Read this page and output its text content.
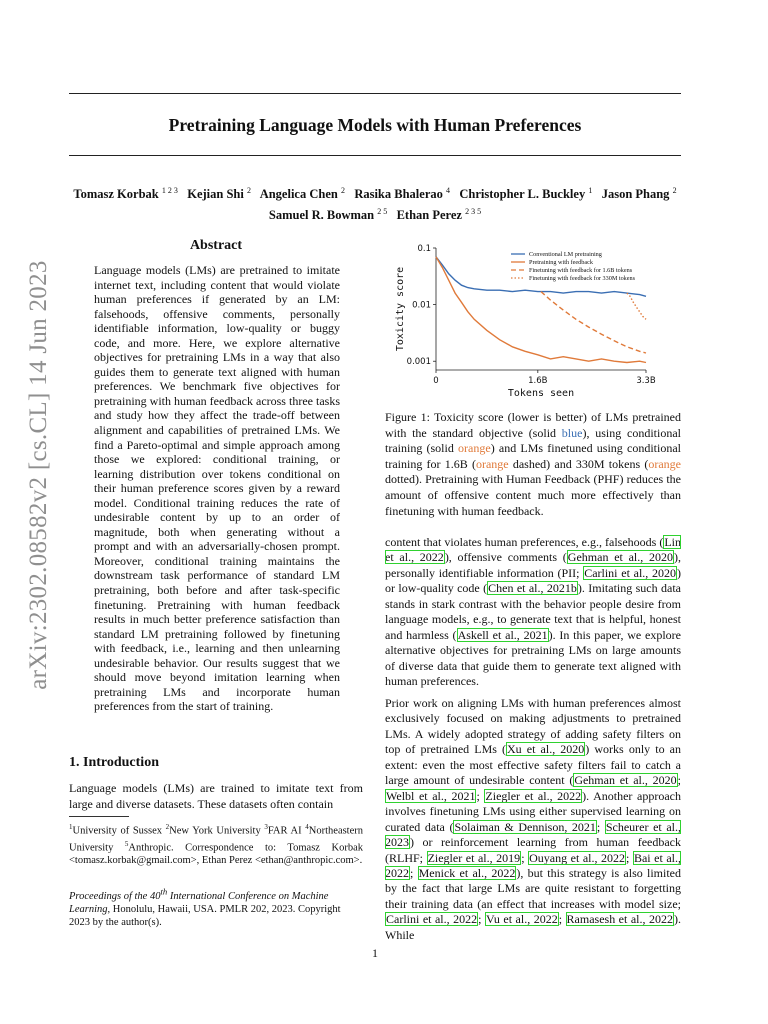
arXiv:2302.08582v2 [cs.CL] 14 Jun 2023
Pretraining Language Models with Human Preferences
Tomasz Korbak $^{1 2 3}$ Kejian Shi $^2$ Angelica Chen $^2$ Rasika Bhalerao $^4$ Christopher L. Buckley $^1$ Jason Phang $^2$
Samuel R. Bowman $^{2 5}$ Ethan Perez $^{2 3 5}$
Abstract

Language models (LMs) are pretrained to imitate internet text, including content that would violate human preferences if generated by an LM: falsehoods, offensive comments, personally identifiable information, low-quality or buggy code, and more. Here, we explore alternative objectives for pretraining LMs in a way that also guides them to generate text aligned with human preferences. We benchmark five objectives for pretraining with human feedback across three tasks and study how they affect the trade-off between alignment and capabilities of pretrained LMs. We find a Pareto-optimal and simple approach among those we explored: conditional training, or learning distribution over tokens conditional on their human preference scores given by a reward model. Conditional training reduces the rate of undesirable content by up to an order of magnitude, both when generating without a prompt and with an adversarially-chosen prompt. Moreover, conditional training maintains the downstream task performance of standard LM pretraining, both before and after task-specific finetuning. Pretraining with human feedback results in much better preference satisfaction than standard LM pretraining followed by finetuning with feedback, i.e., learning and then unlearning undesirable behavior. Our results suggest that we should move beyond imitation learning when pretraining LMs and incorporate human preferences from the start of training.

1. Introduction

Language models (LMs) are trained to imitate text from large and diverse datasets. These datasets often contain

$^1$University of Sussex $^2$New York University $^3$FAR AI $^4$Northeastern University $^5$Anthropic. Correspondence to: Tomasz Korbak <tomasz.korbak@gmail.com>, Ethan Perez <ethan@anthropic.com>.

Proceedings of the 40th International Conference on Machine Learning, Honolulu, Hawaii, USA. PMLR 202, 2023. Copyright 2023 by the author(s).

0.1
0.01
0.001
0	1.6B	3.3B
Tokens seen
Toxicity score
Conventional LM pretraining
Pretraining with feedback
Finetuning with feedback for 1.6B tokens
Finetuning with feedback for 330M tokens

Figure 1: Toxicity score (lower is better) of LMs pretrained with the standard objective (solid blue), using conditional training (solid orange) and LMs finetuned using conditional training for 1.6B (orange dashed) and 330M tokens (orange dotted). Pretraining with Human Feedback (PHF) reduces the amount of offensive content much more effectively than finetuning with human feedback.

content that violates human preferences, e.g., falsehoods (Lin et al., 2022), offensive comments (Gehman et al., 2020), personally identifiable information (PII; Carlini et al., 2020) or low-quality code (Chen et al., 2021b). Imitating such data stands in stark contrast with the behavior people desire from language models, e.g., to generate text that is helpful, honest and harmless (Askell et al., 2021). In this paper, we explore alternative objectives for pretraining LMs on large amounts of diverse data that guide them to generate text aligned with human preferences.

Prior work on aligning LMs with human preferences almost exclusively focused on making adjustments to pretrained LMs. A widely adopted strategy of adding safety filters on top of pretrained LMs (Xu et al., 2020) works only to an extent: even the most effective safety filters fail to catch a large amount of undesirable content (Gehman et al., 2020; Welbl et al., 2021; Ziegler et al., 2022). Another approach involves finetuning LMs using either supervised learning on curated data (Solaiman & Dennison, 2021; Scheurer et al., 2023) or reinforcement learning from human feedback (RLHF; Ziegler et al., 2019; Ouyang et al., 2022; Bai et al., 2022; Menick et al., 2022), but this strategy is also limited by the fact that large LMs are quite resistant to forgetting their training data (an effect that increases with model size; Carlini et al., 2022; Vu et al., 2022; Ramasesh et al., 2022). While

1
